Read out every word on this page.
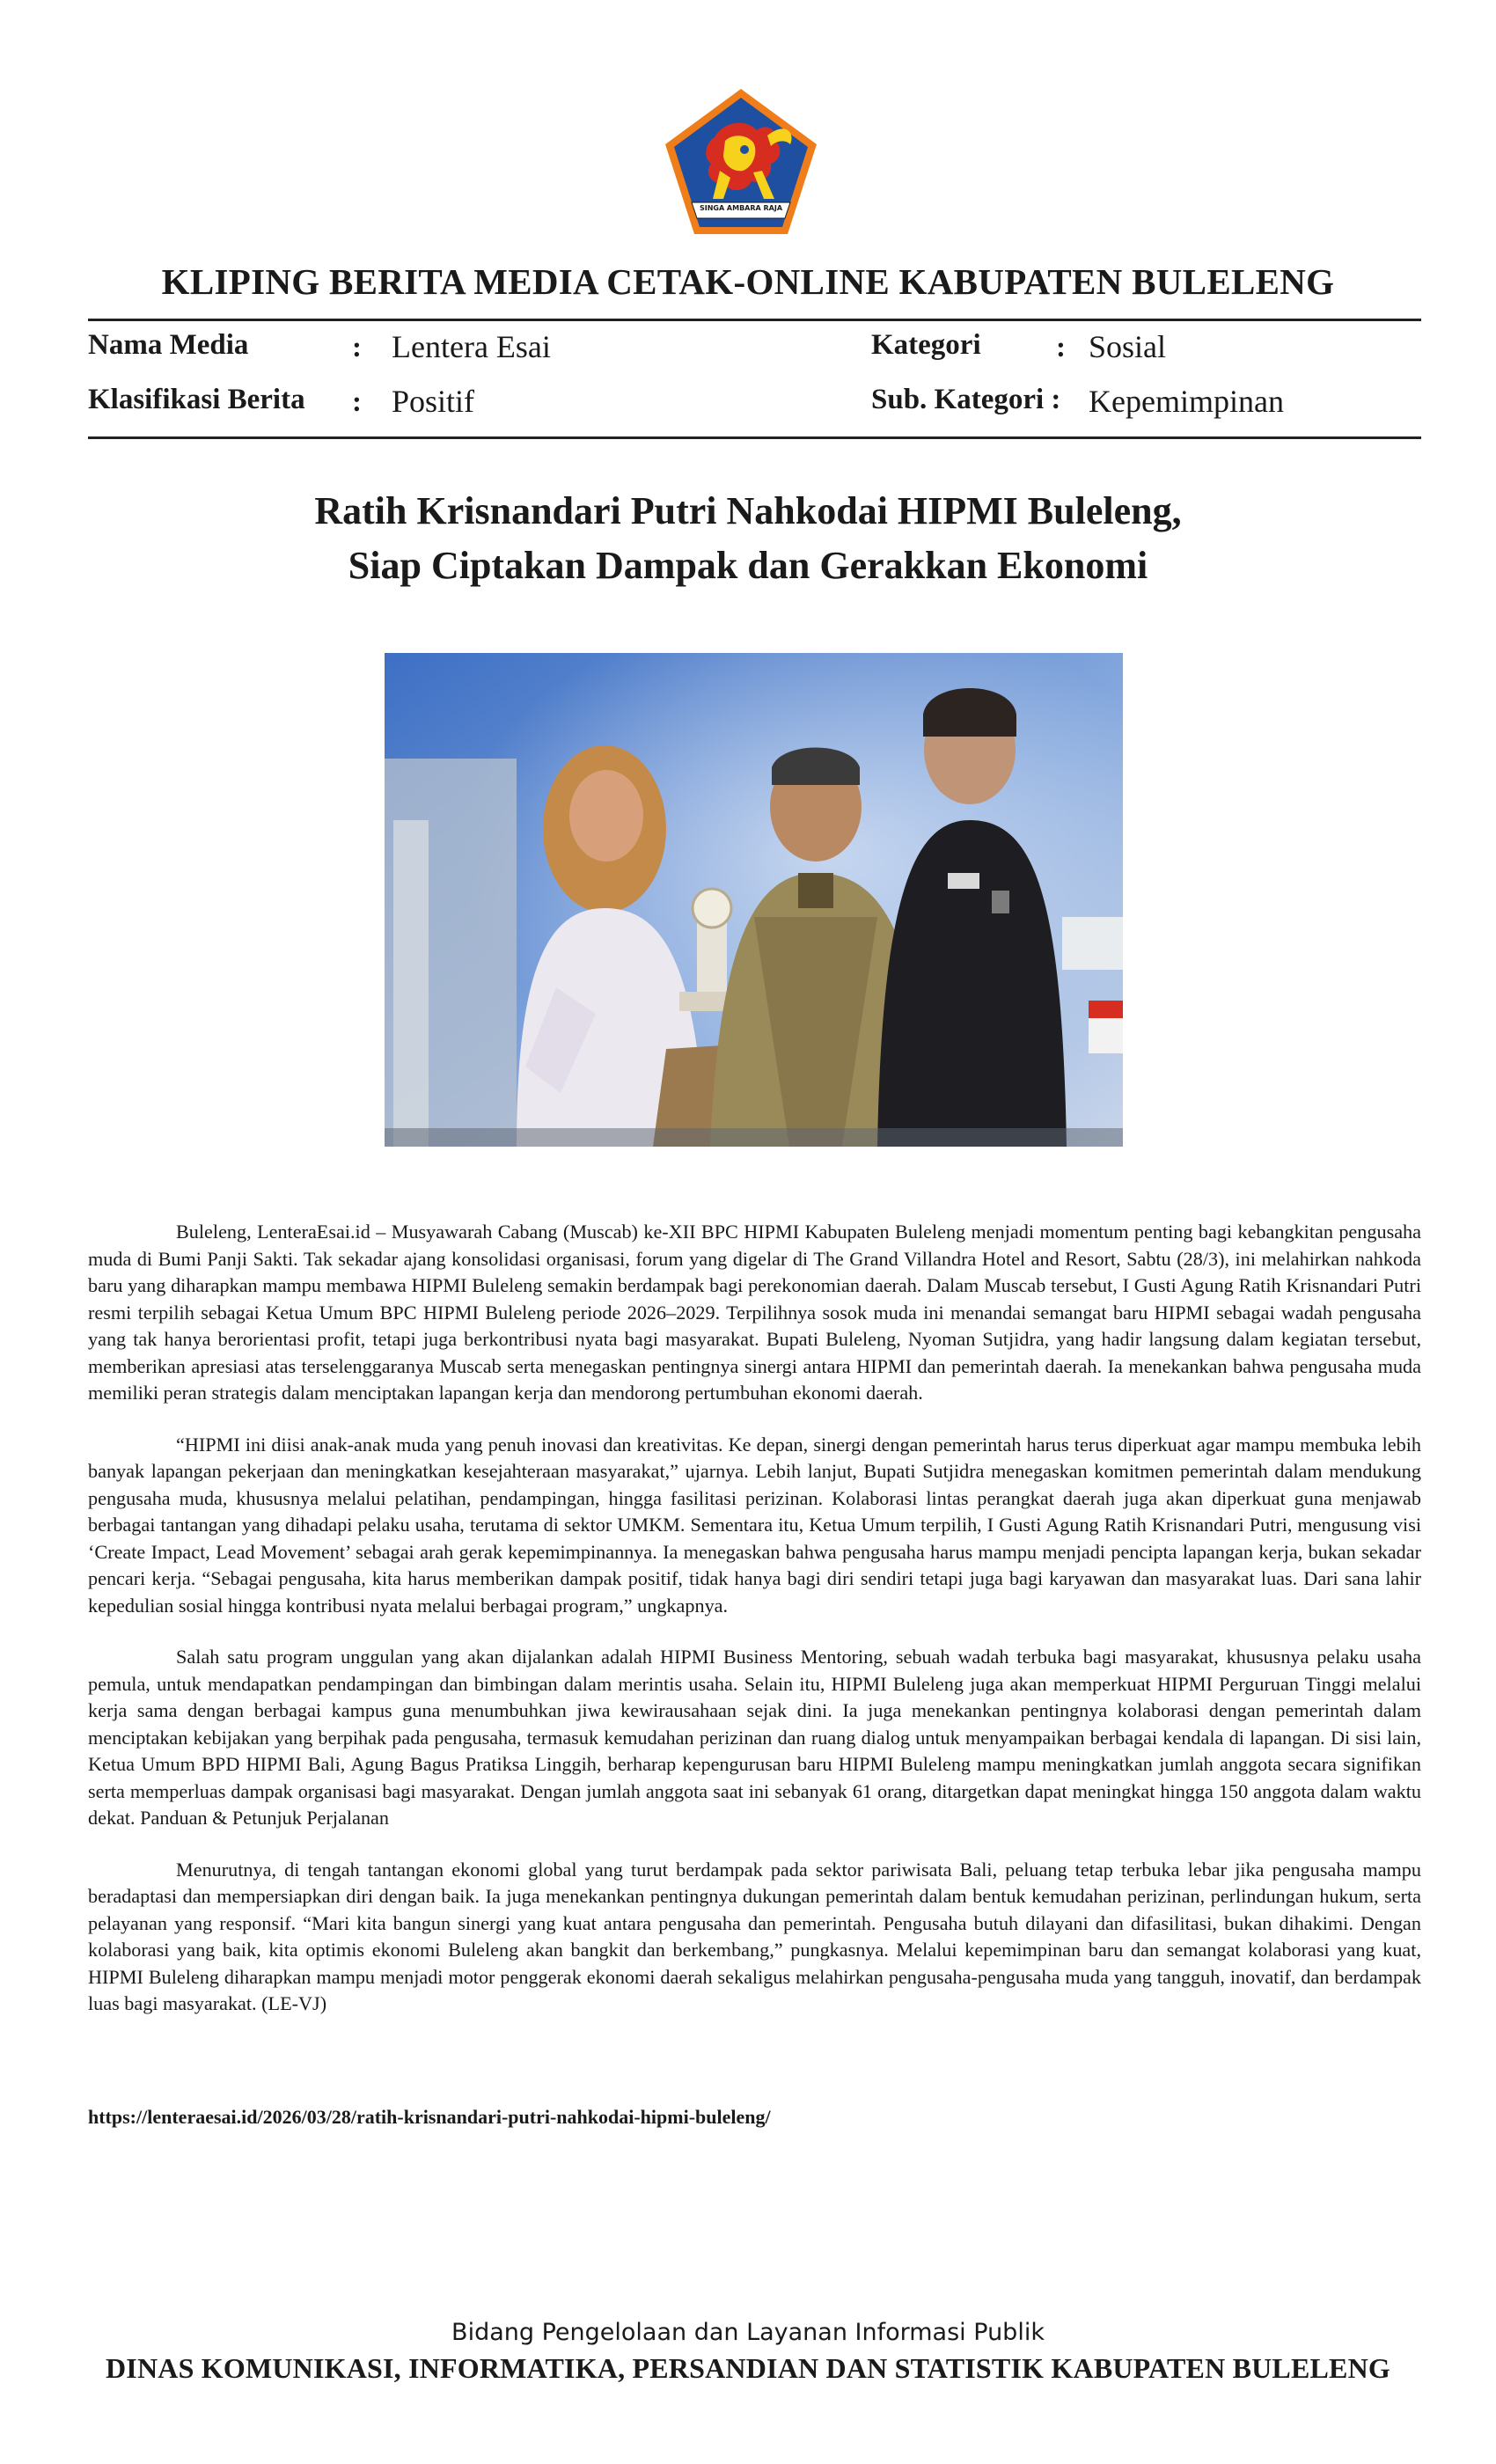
SINGA AMBARA RAJA
KLIPING BERITA MEDIA CETAK-ONLINE KABUPATEN BULELENG
Nama Media	: Lentera Esai
Klasifikasi Berita : Positif
Kategori	: Sosial
Sub. Kategori : Kepemimpinan
Ratih Krisnandari Putri Nahkodai HIPMI Buleleng,
Siap Ciptakan Dampak dan Gerakkan Ekonomi

Buleleng, LenteraEsai.id – Musyawarah Cabang (Muscab) ke-XII BPC HIPMI Kabupaten Buleleng menjadi momentum penting bagi kebangkitan pengusaha muda di Bumi Panji Sakti. Tak sekadar ajang konsolidasi organisasi, forum yang digelar di The Grand Villandra Hotel and Resort, Sabtu (28/3), ini melahirkan nahkoda baru yang diharapkan mampu membawa HIPMI Buleleng semakin berdampak bagi perekonomian daerah. Dalam Muscab tersebut, I Gusti Agung Ratih Krisnandari Putri resmi terpilih sebagai Ketua Umum BPC HIPMI Buleleng periode 2026–2029. Terpilihnya sosok muda ini menandai semangat baru HIPMI sebagai wadah pengusaha yang tak hanya berorientasi profit, tetapi juga berkontribusi nyata bagi masyarakat. Bupati Buleleng, Nyoman Sutjidra, yang hadir langsung dalam kegiatan tersebut, memberikan apresiasi atas terselenggaranya Muscab serta menegaskan pentingnya sinergi antara HIPMI dan pemerintah daerah. Ia menekankan bahwa pengusaha muda memiliki peran strategis dalam menciptakan lapangan kerja dan mendorong pertumbuhan ekonomi daerah.

“HIPMI ini diisi anak-anak muda yang penuh inovasi dan kreativitas. Ke depan, sinergi dengan pemerintah harus terus diperkuat agar mampu membuka lebih banyak lapangan pekerjaan dan meningkatkan kesejahteraan masyarakat,” ujarnya. Lebih lanjut, Bupati Sutjidra menegaskan komitmen pemerintah dalam mendukung pengusaha muda, khususnya melalui pelatihan, pendampingan, hingga fasilitasi perizinan. Kolaborasi lintas perangkat daerah juga akan diperkuat guna menjawab berbagai tantangan yang dihadapi pelaku usaha, terutama di sektor UMKM. Sementara itu, Ketua Umum terpilih, I Gusti Agung Ratih Krisnandari Putri, mengusung visi ‘Create Impact, Lead Movement’ sebagai arah gerak kepemimpinannya. Ia menegaskan bahwa pengusaha harus mampu menjadi pencipta lapangan kerja, bukan sekadar pencari kerja. “Sebagai pengusaha, kita harus memberikan dampak positif, tidak hanya bagi diri sendiri tetapi juga bagi karyawan dan masyarakat luas. Dari sana lahir kepedulian sosial hingga kontribusi nyata melalui berbagai program,” ungkapnya.

Salah satu program unggulan yang akan dijalankan adalah HIPMI Business Mentoring, sebuah wadah terbuka bagi masyarakat, khususnya pelaku usaha pemula, untuk mendapatkan pendampingan dan bimbingan dalam merintis usaha. Selain itu, HIPMI Buleleng juga akan memperkuat HIPMI Perguruan Tinggi melalui kerja sama dengan berbagai kampus guna menumbuhkan jiwa kewirausahaan sejak dini. Ia juga menekankan pentingnya kolaborasi dengan pemerintah dalam menciptakan kebijakan yang berpihak pada pengusaha, termasuk kemudahan perizinan dan ruang dialog untuk menyampaikan berbagai kendala di lapangan. Di sisi lain, Ketua Umum BPD HIPMI Bali, Agung Bagus Pratiksa Linggih, berharap kepengurusan baru HIPMI Buleleng mampu meningkatkan jumlah anggota secara signifikan serta memperluas dampak organisasi bagi masyarakat. Dengan jumlah anggota saat ini sebanyak 61 orang, ditargetkan dapat meningkat hingga 150 anggota dalam waktu dekat. Panduan & Petunjuk Perjalanan

Menurutnya, di tengah tantangan ekonomi global yang turut berdampak pada sektor pariwisata Bali, peluang tetap terbuka lebar jika pengusaha mampu beradaptasi dan mempersiapkan diri dengan baik. Ia juga menekankan pentingnya dukungan pemerintah dalam bentuk kemudahan perizinan, perlindungan hukum, serta pelayanan yang responsif. “Mari kita bangun sinergi yang kuat antara pengusaha dan pemerintah. Pengusaha butuh dilayani dan difasilitasi, bukan dihakimi. Dengan kolaborasi yang baik, kita optimis ekonomi Buleleng akan bangkit dan berkembang,” pungkasnya. Melalui kepemimpinan baru dan semangat kolaborasi yang kuat, HIPMI Buleleng diharapkan mampu menjadi motor penggerak ekonomi daerah sekaligus melahirkan pengusaha-pengusaha muda yang tangguh, inovatif, dan berdampak luas bagi masyarakat. (LE-VJ)

https://lenteraesai.id/2026/03/28/ratih-krisnandari-putri-nahkodai-hipmi-buleleng/
Bidang Pengelolaan dan Layanan Informasi Publik
DINAS KOMUNIKASI, INFORMATIKA, PERSANDIAN DAN STATISTIK KABUPATEN BULELENG
